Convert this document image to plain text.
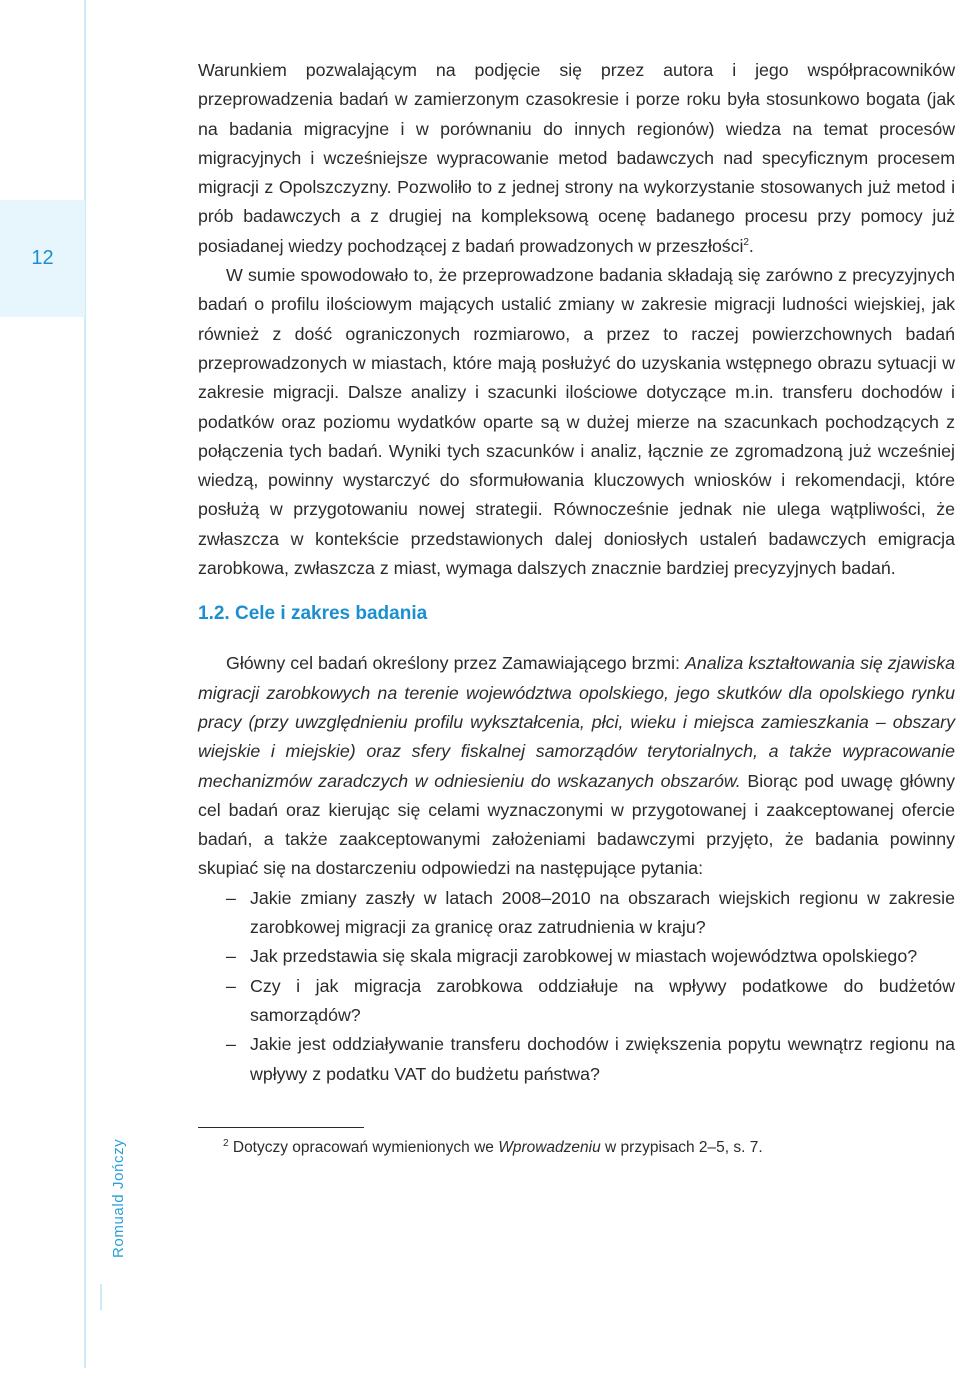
12
Romuald Jończy

Warunkiem pozwalającym na podjęcie się przez autora i jego współpracowników przeprowadzenia badań w zamierzonym czasokresie i porze roku była stosunkowo bogata (jak na badania migracyjne i w porównaniu do innych regionów) wiedza na temat procesów migracyjnych i wcześniejsze wypracowanie metod badawczych nad specyficznym procesem migracji z Opolszczyzny. Pozwoliło to z jednej strony na wykorzystanie stosowanych już metod i prób badawczych a z drugiej na kompleksową ocenę badanego procesu przy pomocy już posiadanej wiedzy pochodzącej z badań prowadzonych w przeszłości$^2$.

W sumie spowodowało to, że przeprowadzone badania składają się zarówno z precyzyjnych badań o profilu ilościowym mających ustalić zmiany w zakresie migracji ludności wiejskiej, jak również z dość ograniczonych rozmiarowo, a przez to raczej powierzchownych badań przeprowadzonych w miastach, które mają posłużyć do uzyskania wstępnego obrazu sytuacji w zakresie migracji. Dalsze analizy i szacunki ilościowe dotyczące m.in. transferu dochodów i podatków oraz poziomu wydatków oparte są w dużej mierze na szacunkach pochodzących z połączenia tych badań. Wyniki tych szacunków i analiz, łącznie ze zgromadzoną już wcześniej wiedzą, powinny wystarczyć do sformułowania kluczowych wniosków i rekomendacji, które posłużą w przygotowaniu nowej strategii. Równocześnie jednak nie ulega wątpliwości, że zwłaszcza w kontekście przedstawionych dalej doniosłych ustaleń badawczych emigracja zarobkowa, zwłaszcza z miast, wymaga dalszych znacznie bardziej precyzyjnych badań.

1.2. Cele i zakres badania

Główny cel badań określony przez Zamawiającego brzmi: Analiza kształtowania się zjawiska migracji zarobkowych na terenie województwa opolskiego, jego skutków dla opolskiego rynku pracy (przy uwzględnieniu profilu wykształcenia, płci, wieku i miejsca zamieszkania – obszary wiejskie i miejskie) oraz sfery fiskalnej samorządów terytorialnych, a także wypracowanie mechanizmów zaradczych w odniesieniu do wskazanych obszarów. Biorąc pod uwagę główny cel badań oraz kierując się celami wyznaczonymi w przygotowanej i zaakceptowanej ofercie badań, a także zaakceptowanymi założeniami badawczymi przyjęto, że badania powinny skupiać się na dostarczeniu odpowiedzi na następujące pytania:

– Jakie zmiany zaszły w latach 2008–2010 na obszarach wiejskich regionu w zakresie zarobkowej migracji za granicę oraz zatrudnienia w kraju?
– Jak przedstawia się skala migracji zarobkowej w miastach województwa opolskiego?
– Czy i jak migracja zarobkowa oddziałuje na wpływy podatkowe do budżetów samorządów?
– Jakie jest oddziaływanie transferu dochodów i zwiększenia popytu wewnątrz regionu na wpływy z podatku VAT do budżetu państwa?
$^2$ Dotyczy opracowań wymienionych we Wprowadzeniu w przypisach 2–5, s. 7.
